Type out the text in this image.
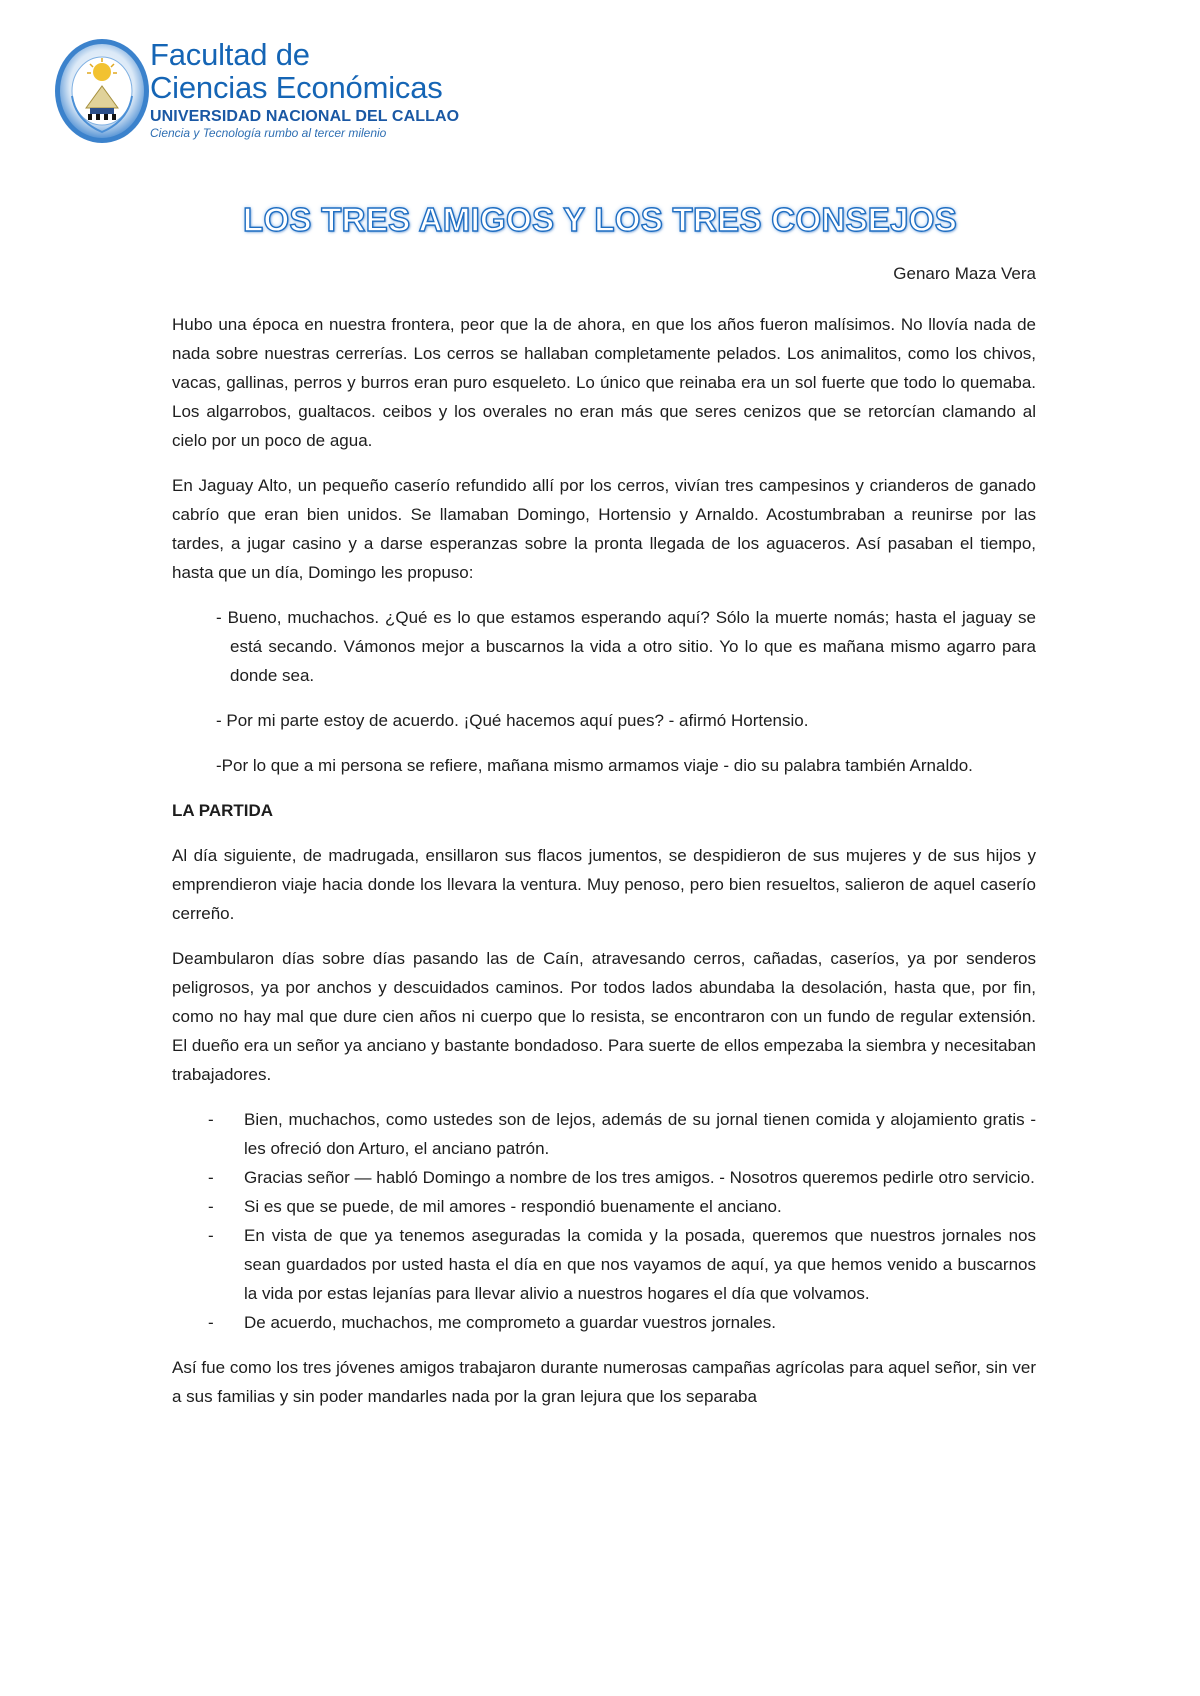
Facultad de
Ciencias Económicas
UNIVERSIDAD NACIONAL DEL CALLAO
Ciencia y Tecnología rumbo al tercer milenio
LOS TRES AMIGOS Y LOS TRES CONSEJOS
Genaro Maza Vera

Hubo una época en nuestra frontera, peor que la de ahora, en que los años fueron malísimos. No llovía nada de nada sobre nuestras cerrerías. Los cerros se hallaban completamente pelados. Los animalitos, como los chivos, vacas, gallinas, perros y burros eran puro esqueleto. Lo único que reinaba era un sol fuerte que todo lo quemaba. Los algarrobos, gualtacos. ceibos y los overales no eran más que seres cenizos que se retorcían clamando al cielo por un poco de agua.

En Jaguay Alto, un pequeño caserío refundido allí por los cerros, vivían tres campesinos y crianderos de ganado cabrío que eran bien unidos. Se llamaban Domingo, Hortensio y Arnaldo. Acostumbraban a reunirse por las tardes, a jugar casino y a darse esperanzas sobre la pronta llegada de los aguaceros. Así pasaban el tiempo, hasta que un día, Domingo les propuso:

- Bueno, muchachos. ¿Qué es lo que estamos esperando aquí? Sólo la muerte nomás; hasta el jaguay se está secando. Vámonos mejor a buscarnos la vida a otro sitio. Yo lo que es mañana mismo agarro para donde sea.
- Por mi parte estoy de acuerdo. ¡Qué hacemos aquí pues? - afirmó Hortensio.
-Por lo que a mi persona se refiere, mañana mismo armamos viaje - dio su palabra también Arnaldo.
LA PARTIDA

Al día siguiente, de madrugada, ensillaron sus flacos jumentos, se despidieron de sus mujeres y de sus hijos y emprendieron viaje hacia donde los llevara la ventura. Muy penoso, pero bien resueltos, salieron de aquel caserío cerreño.

Deambularon días sobre días pasando las de Caín, atravesando cerros, cañadas, caseríos, ya por senderos peligrosos, ya por anchos y descuidados caminos. Por todos lados abundaba la desolación, hasta que, por fin, como no hay mal que dure cien años ni cuerpo que lo resista, se encontraron con un fundo de regular extensión. El dueño era un señor ya anciano y bastante bondadoso. Para suerte de ellos empezaba la siembra y necesitaban trabajadores.

- Bien, muchachos, como ustedes son de lejos, además de su jornal tienen comida y alojamiento gratis - les ofreció don Arturo, el anciano patrón.
- Gracias señor — habló Domingo a nombre de los tres amigos. - Nosotros queremos pedirle otro servicio.
- Si es que se puede, de mil amores - respondió buenamente el anciano.
- En vista de que ya tenemos aseguradas la comida y la posada, queremos que nuestros jornales nos sean guardados por usted hasta el día en que nos vayamos de aquí, ya que hemos venido a buscarnos la vida por estas lejanías para llevar alivio a nuestros hogares el día que volvamos.
- De acuerdo, muchachos, me comprometo a guardar vuestros jornales.

Así fue como los tres jóvenes amigos trabajaron durante numerosas campañas agrícolas para aquel señor, sin ver a sus familias y sin poder mandarles nada por la gran lejura que los separaba
